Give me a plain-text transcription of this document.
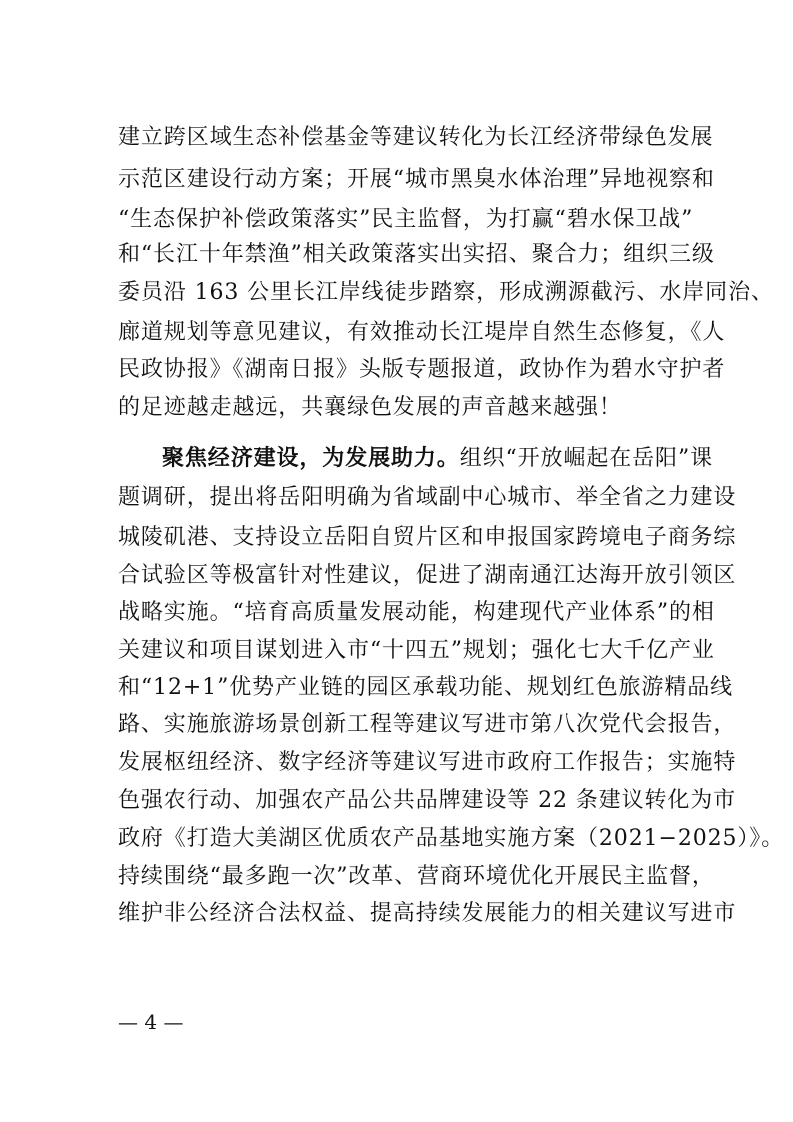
建立跨区域生态补偿基金等建议转化为长江经济带绿色发展
示范区建设行动方案；开展“城市黑臭水体治理”异地视察和
“生态保护补偿政策落实”民主监督，为打赢“碧水保卫战”
和“长江十年禁渔”相关政策落实出实招、聚合力；组织三级
委员沿 163 公里长江岸线徒步踏察，形成溯源截污、水岸同治、
廊道规划等意见建议，有效推动长江堤岸自然生态修复，《人
民政协报》《湖南日报》头版专题报道，政协作为碧水守护者
的足迹越走越远，共襄绿色发展的声音越来越强！
聚焦经济建设，为发展助力。组织“开放崛起在岳阳”课
题调研，提出将岳阳明确为省域副中心城市、举全省之力建设
城陵矶港、支持设立岳阳自贸片区和申报国家跨境电子商务综
合试验区等极富针对性建议，促进了湖南通江达海开放引领区
战略实施。“培育高质量发展动能，构建现代产业体系”的相
关建议和项目谋划进入市“十四五”规划；强化七大千亿产业
和“12+1”优势产业链的园区承载功能、规划红色旅游精品线
路、实施旅游场景创新工程等建议写进市第八次党代会报告，
发展枢纽经济、数字经济等建议写进市政府工作报告；实施特
色强农行动、加强农产品公共品牌建设等 22 条建议转化为市
政府《打造大美湖区优质农产品基地实施方案（2021−2025）》。
持续围绕“最多跑一次”改革、营商环境优化开展民主监督，
维护非公经济合法权益、提高持续发展能力的相关建议写进市
— 4 —
